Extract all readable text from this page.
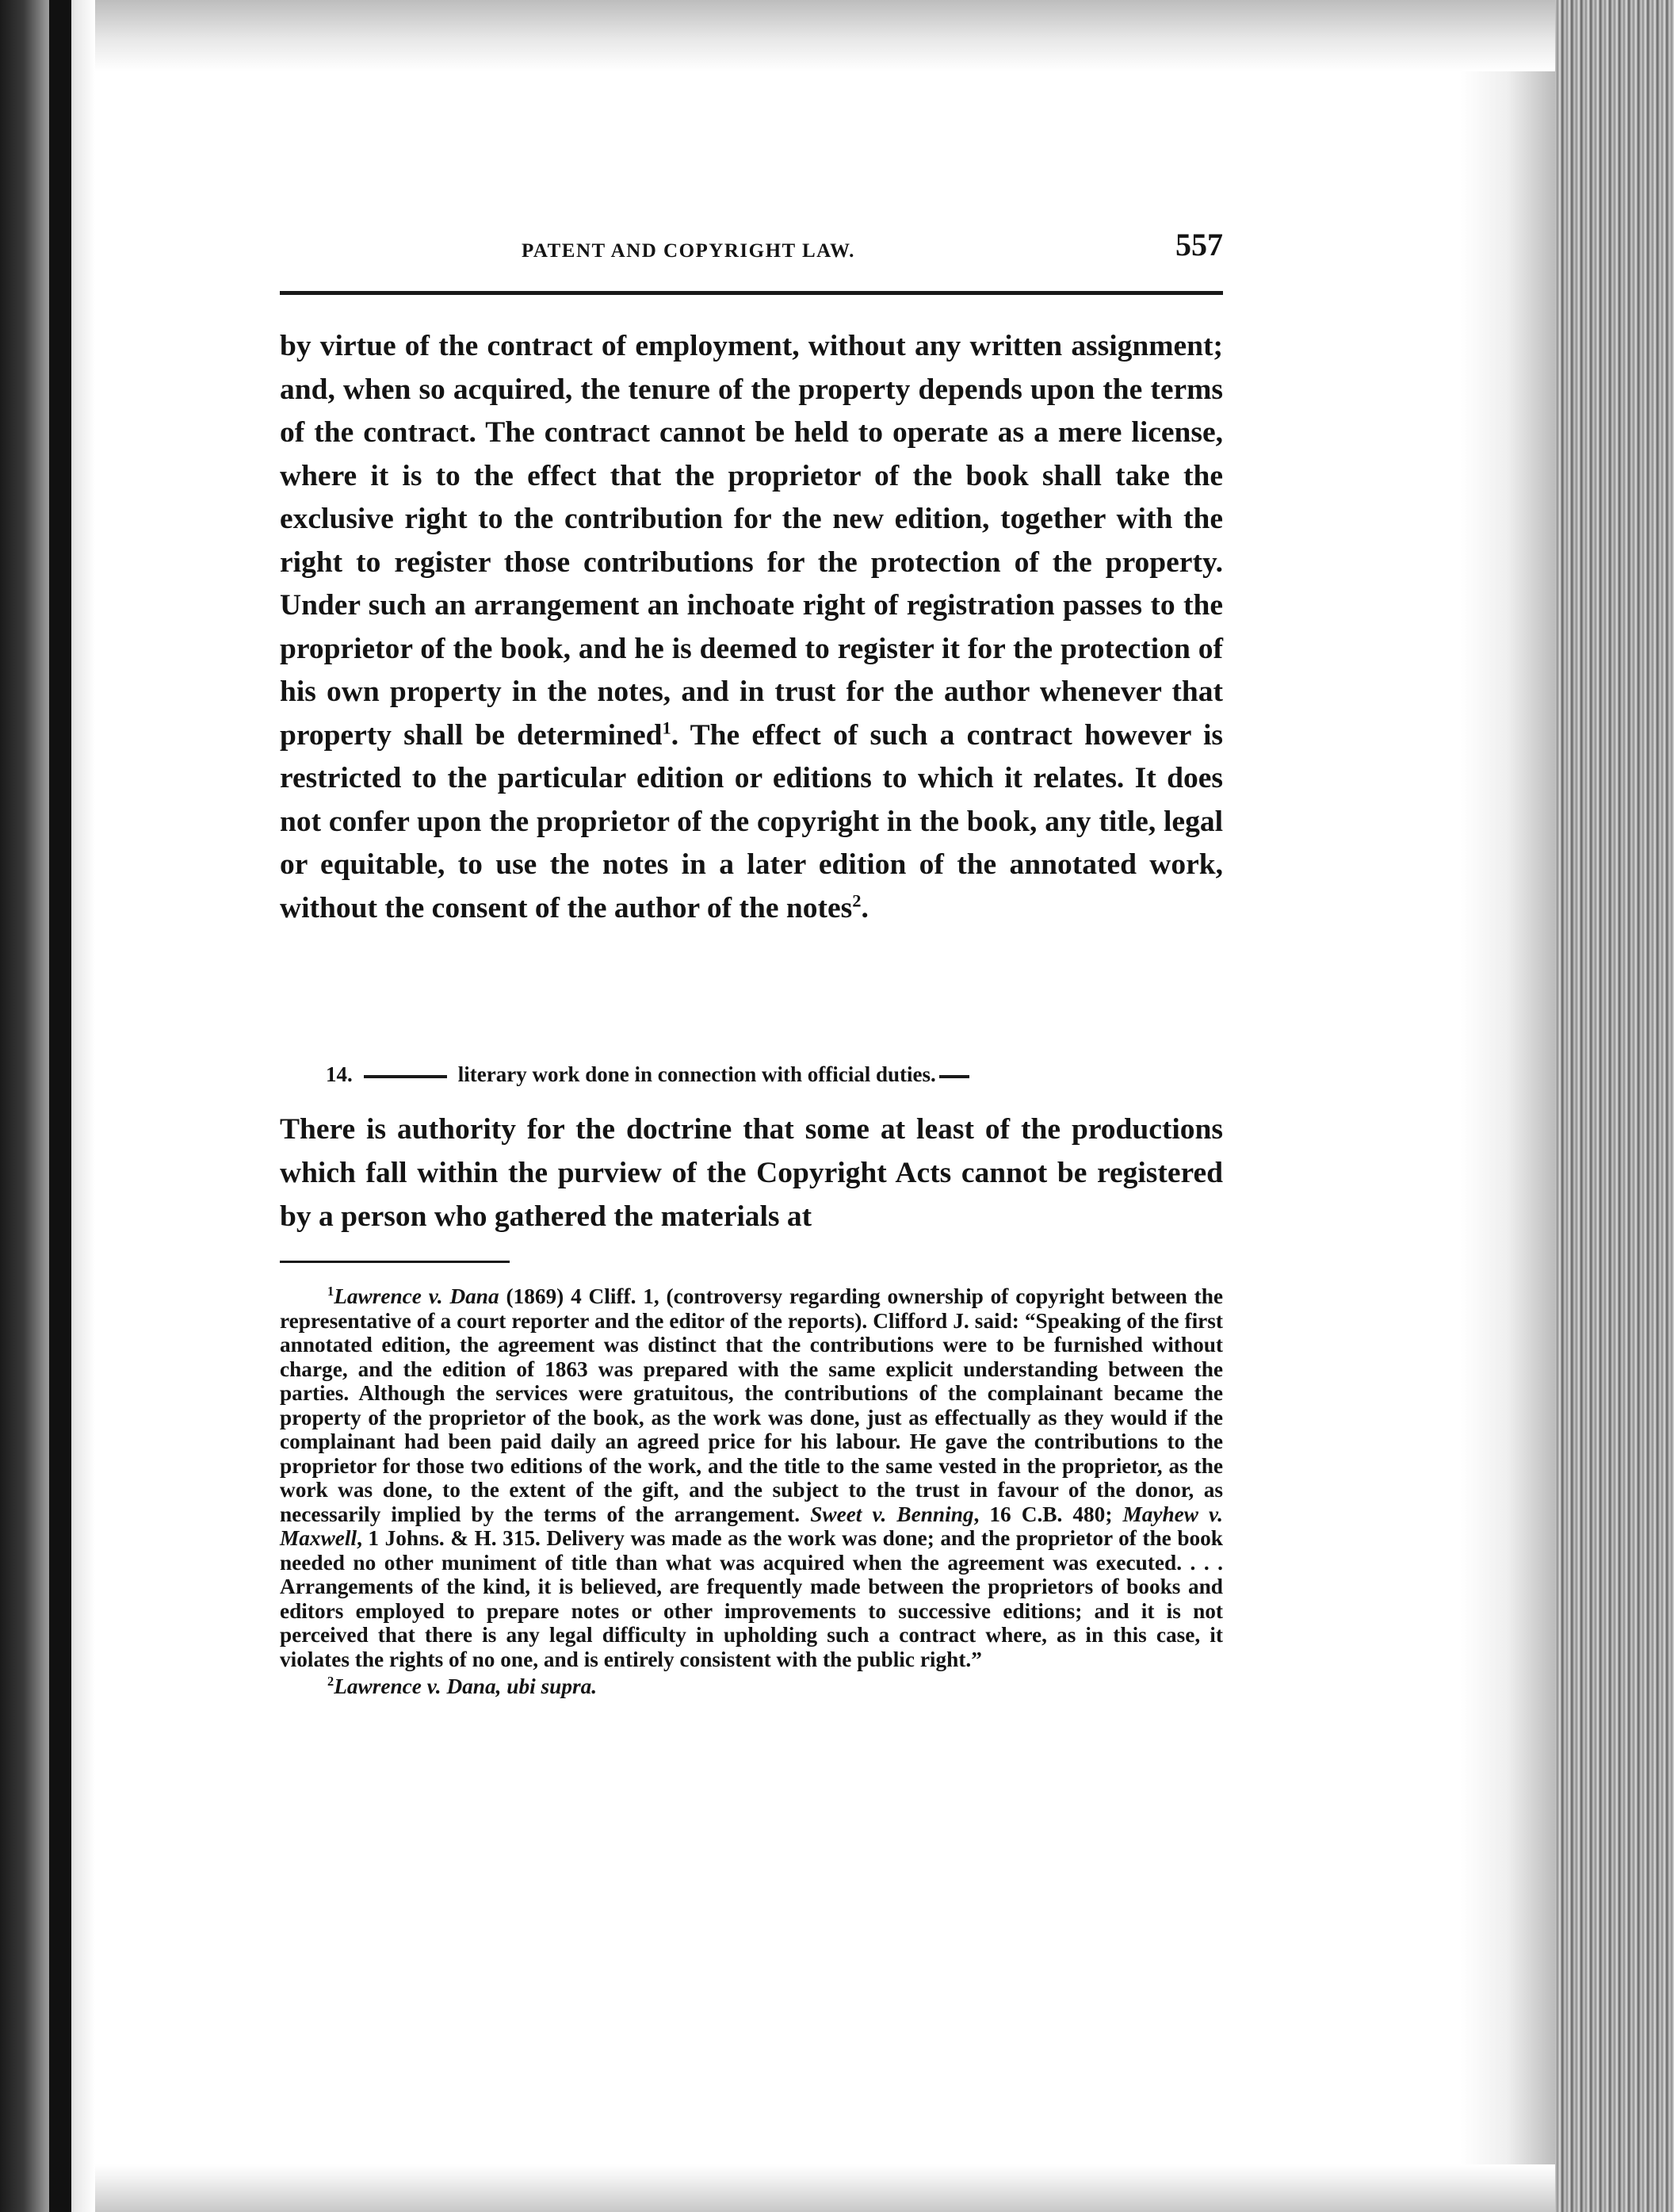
PATENT AND COPYRIGHT LAW.	557

by virtue of the contract of employment, without any written assignment; and, when so acquired, the tenure of the property depends upon the terms of the contract. The contract cannot be held to operate as a mere license, where it is to the effect that the proprietor of the book shall take the exclusive right to the contribution for the new edition, together with the right to register those contributions for the protection of the property. Under such an arrangement an inchoate right of registration passes to the proprietor of the book, and he is deemed to register it for the protection of his own property in the notes, and in trust for the author whenever that property shall be determined$^1$. The effect of such a contract however is restricted to the particular edition or editions to which it relates. It does not confer upon the proprietor of the copyright in the book, any title, legal or equitable, to use the notes in a later edition of the annotated work, without the consent of the author of the notes$^2$.

14.	literary work done in connection with official duties.
There is authority for the doctrine that some at least of the productions which fall within the purview of the Copyright Acts cannot be registered by a person who gathered the materials at

$^1$Lawrence v. Dana (1869) 4 Cliff. 1, (controversy regarding ownership of copyright between the representative of a court reporter and the editor of the reports). Clifford J. said: “Speaking of the first annotated edition, the agreement was distinct that the contributions were to be furnished without charge, and the edition of 1863 was prepared with the same explicit understanding between the parties. Although the services were gratuitous, the contributions of the complainant became the property of the proprietor of the book, as the work was done, just as effectually as they would if the complainant had been paid daily an agreed price for his labour. He gave the contributions to the proprietor for those two editions of the work, and the title to the same vested in the proprietor, as the work was done, to the extent of the gift, and the subject to the trust in favour of the donor, as necessarily implied by the terms of the arrangement. Sweet v. Benning, 16 C.B. 480; Mayhew v. Maxwell, 1 Johns. & H. 315. Delivery was made as the work was done; and the proprietor of the book needed no other muniment of title than what was acquired when the agreement was executed. . . . Arrangements of the kind, it is believed, are frequently made between the proprietors of books and editors employed to prepare notes or other improvements to successive editions; and it is not perceived that there is any legal difficulty in upholding such a contract where, as in this case, it violates the rights of no one, and is entirely consistent with the public right.”

$^2$Lawrence v. Dana, ubi supra.
